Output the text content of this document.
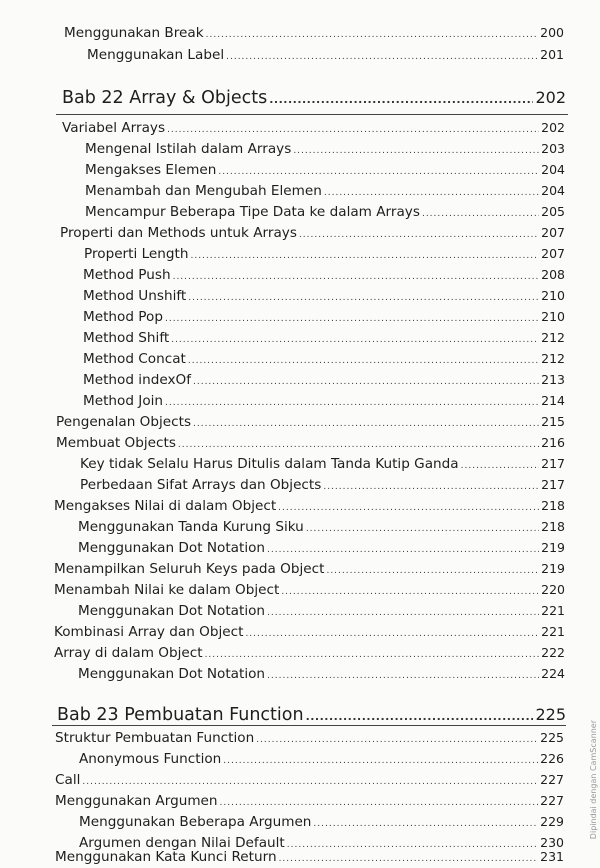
Menggunakan Break .....	200
Menggunakan Label .....	201
Bab 22 Array & Objects .....	202
Variabel Arrays .....	202
Mengenal Istilah dalam Arrays .....	203
Mengakses Elemen .....	204
Menambah dan Mengubah Elemen .....	204
Mencampur Beberapa Tipe Data ke dalam Arrays .....	205
Properti dan Methods untuk Arrays .....	207
Properti Length .....	207
Method Push .....	208
Method Unshift .....	210
Method Pop .....	210
Method Shift .....	212
Method Concat .....	212
Method indexOf .....	213
Method Join .....	214
Pengenalan Objects .....	215
Membuat Objects .....	216
Key tidak Selalu Harus Ditulis dalam Tanda Kutip Ganda .....	217
Perbedaan Sifat Arrays dan Objects .....	217
Mengakses Nilai di dalam Object .....	218
Menggunakan Tanda Kurung Siku .....	218
Menggunakan Dot Notation .....	219
Menampilkan Seluruh Keys pada Object .....	219
Menambah Nilai ke dalam Object .....	220
Menggunakan Dot Notation .....	221
Kombinasi Array dan Object .....	221
Array di dalam Object .....	222
Menggunakan Dot Notation .....	224
Bab 23 Pembuatan Function .....	225
Struktur Pembuatan Function .....	225
Anonymous Function .....	226
Call .....	227
Menggunakan Argumen .....	227
Menggunakan Beberapa Argumen .....	229
Argumen dengan Nilai Default .....	230
Menggunakan Kata Kunci Return .....	231
Dipindai dengan CamScanner
